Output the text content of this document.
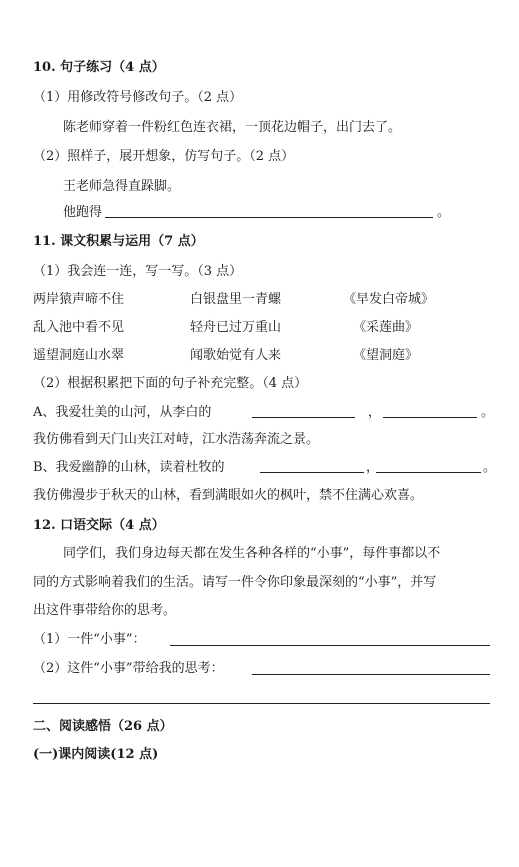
10. 句子练习（4 点）
（1）用修改符号修改句子。（2 点）
陈老师穿着一件粉红色连衣裙，一顶花边帽子，出门去了。
（2）照样子，展开想象，仿写句子。（2 点）
王老师急得直跺脚。
他跑得	。
11. 课文积累与运用（7 点）
（1）我会连一连，写一写。（3 点）
两岸猿声啼不住	白银盘里一青螺	《早发白帝城》
乱入池中看不见	轻舟已过万重山	《采莲曲》
遥望洞庭山水翠	闻歌始觉有人来	《望洞庭》
（2）根据积累把下面的句子补充完整。（4 点）
A、我爱壮美的山河，从李白的	，	。
我仿佛看到天门山夹江对峙，江水浩荡奔流之景。
B、我爱幽静的山林，读着杜牧的	，	。
我仿佛漫步于秋天的山林，看到满眼如火的枫叶，禁不住满心欢喜。
12. 口语交际（4 点）
同学们，我们身边每天都在发生各种各样的“小事”，每件事都以不
同的方式影响着我们的生活。请写一件令你印象最深刻的“小事”，并写
出这件事带给你的思考。
（1）一件“小事”：
（2）这件“小事”带给我的思考：
二、阅读感悟（26 点）
(一)课内阅读(12 点)
